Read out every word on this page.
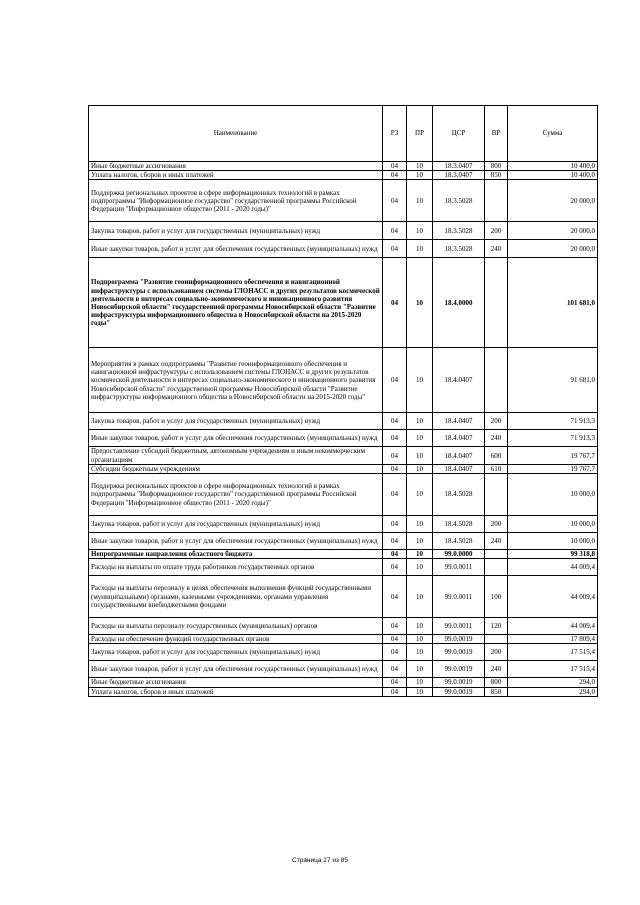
Наименование	РЗ	ПР	ЦСР	ВР	Сумма
Иные бюджетные ассигнования	04	10	18.3.0407	800	10 400,0
Уплата налогов, сборов и иных платежей	04	10	18.3.0407	850	10 400,0
Поддержка региональных проектов в сфере информационных технологий в рамках подпрограммы "Информационное государство" государственной программы Российской Федерации "Информационное общество (2011 - 2020 годы)"	04	10	18.3.5028		20 000,0
Закупка товаров, работ и услуг для государственных (муниципальных) нужд	04	10	18.3.5028	200	20 000,0
Иные закупки товаров, работ и услуг для обеспечения государственных (муниципальных) нужд	04	10	18.3.5028	240	20 000,0
Подпрограмма "Развитие геоинформационного обеспечения и навигационной инфраструктуры с использованием системы ГЛОНАСС и других результатов космической деятельности в интересах социально-экономического и инновационного развития Новосибирской области" государственной программы Новосибирской области "Развитие инфраструктуры информационного общества в Новосибирской области на 2015-2020 годы"	04	10	18.4.0000		101 681,0
Мероприятия в рамках подпрограммы "Развитие геоинформационного обеспечения и навигационной инфраструктуры с использованием системы ГЛОНАСС и других результатов космической деятельности в интересах социально-экономического и инновационного развития Новосибирской области" государственной программы Новосибирской области "Развитие инфраструктуры информационного общества в Новосибирской области на 2015-2020 годы"	04	10	18.4.0407		91 681,0
Закупка товаров, работ и услуг для государственных (муниципальных) нужд	04	10	18.4.0407	200	71 913,3
Иные закупки товаров, работ и услуг для обеспечения государственных (муниципальных) нужд	04	10	18.4.0407	240	71 913,3
Предоставление субсидий бюджетным, автономным учреждениям и иным некоммерческим организациям	04	10	18.4.0407	600	19 767,7
Субсидии бюджетным учреждениям	04	10	18.4.0407	610	19 767,7
Поддержка региональных проектов в сфере информационных технологий в рамках подпрограммы "Информационное государство" государственной программы Российской Федерации "Информационное общество (2011 - 2020 годы)"	04	10	18.4.5028		10 000,0
Закупка товаров, работ и услуг для государственных (муниципальных) нужд	04	10	18.4.5028	200	10 000,0
Иные закупки товаров, работ и услуг для обеспечения государственных (муниципальных) нужд	04	10	18.4.5028	240	10 000,0
Непрограммные направления областного бюджета	04	10	99.0.0000		99 318,8
Расходы на выплаты по оплате труда работников государственных органов	04	10	99.0.0011		44 009,4
Расходы на выплаты персоналу в целях обеспечения выполнения функций государственными (муниципальными) органами, казенными учреждениями, органами управления государственными внебюджетными фондами	04	10	99.0.0011	100	44 009,4
Расходы на выплаты персоналу государственных (муниципальных) органов	04	10	99.0.0011	120	44 009,4
Расходы на обеспечение функций государственных органов	04	10	99.0.0019		17 809,4
Закупка товаров, работ и услуг для государственных (муниципальных) нужд	04	10	99.0.0019	200	17 515,4
Иные закупки товаров, работ и услуг для обеспечения государственных (муниципальных) нужд	04	10	99.0.0019	240	17 515,4
Иные бюджетные ассигнования	04	10	99.0.0019	800	294,0
Уплата налогов, сборов и иных платежей	04	10	99.0.0019	850	294,0
Страница 27 из 85
